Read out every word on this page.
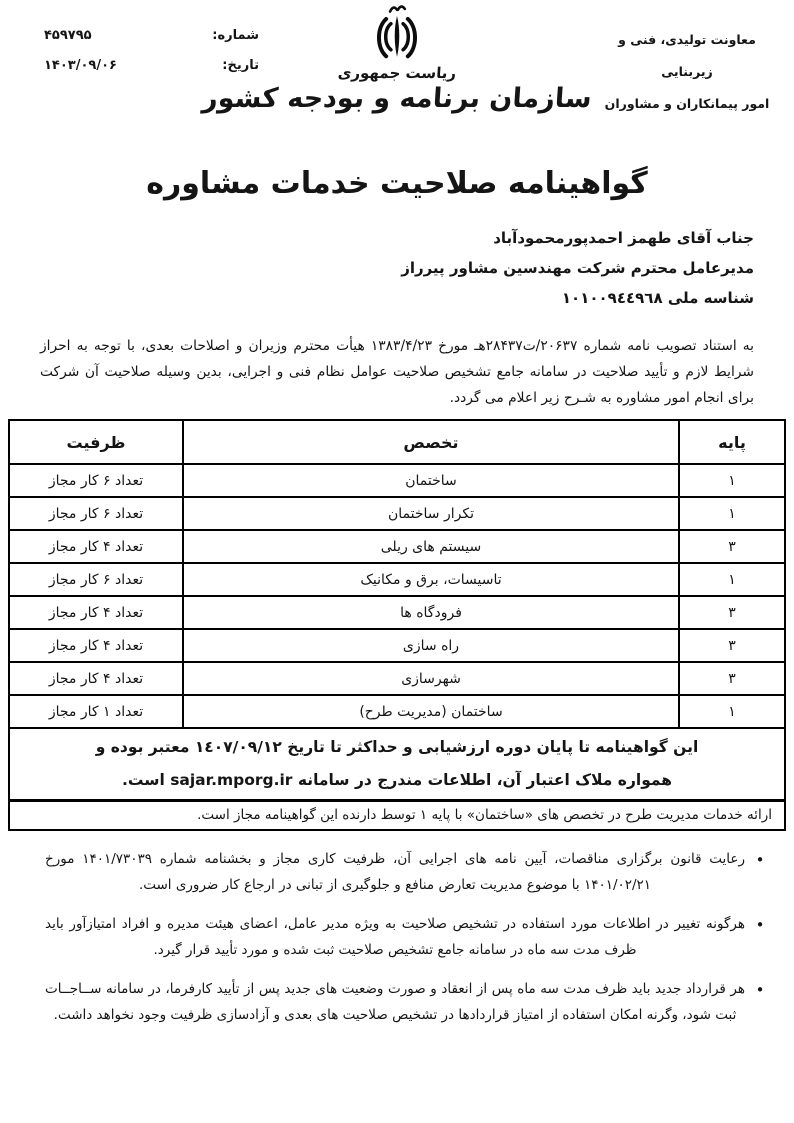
معاونت تولیدی، فنی و زیربنایی
امور پیمانکاران و مشاوران
ریاست جمهوری
سازمان برنامه و بودجه کشور
شماره:
۴۵۹۷۹۵
تاریخ:
۱۴۰۳/۰۹/۰۶
گواهینامه صلاحیت خدمات مشاوره
جناب آقای طهمز احمدپورمحمودآباد
مدیرعامل محترم شرکت مهندسین مشاور پیرراز
شناسه ملی ١٠١٠٠٩٤٤٩٦٨

به استناد تصویب نامه شماره ۲۰۶۳۷/ت۲۸۴۳۷هـ مورخ ۱۳۸۳/۴/۲۳ هیأت محترم وزیران و اصلاحات بعدی، با توجه به احراز شرایط لازم و تأیید صلاحیت در سامانه جامع تشخیص صلاحیت عوامل نظام فنی و اجرایی، بدین وسیله صلاحیت آن شرکت برای انجام امور مشاوره به شـرح زیر اعلام می گردد.

پایه	تخصص	ظرفیت
۱	ساختمان	تعداد ۶ کار مجاز
۱	تکرار ساختمان	تعداد ۶ کار مجاز
۳	سیستم های ریلی	تعداد ۴ کار مجاز
۱	تاسیسات، برق و مکانیک	تعداد ۶ کار مجاز
۳	فرودگاه ها	تعداد ۴ کار مجاز
۳	راه سازی	تعداد ۴ کار مجاز
۳	شهرسازی	تعداد ۴ کار مجاز
۱	ساختمان (مدیریت طرح)	تعداد ۱ کار مجاز

این گواهینامه تا پایان دوره ارزشیابی و حداکثر تا تاریخ ١٤٠٧/٠٩/١٢ معتبر بوده و
همواره ملاک اعتبار آن، اطلاعات مندرج در سامانه sajar.mporg.ir است.		

ارائه خدمات مدیریت طرح در تخصص های «ساختمان» با پایه ۱ توسط دارنده این گواهینامه مجاز است.		
•
رعایت قانون برگزاری مناقصات، آیین نامه های اجرایی آن، ظرفیت کاری مجاز و بخشنامه شماره ۱۴۰۱/۷۳۰۳۹ مورخ ۱۴۰۱/۰۲/۲۱ با موضوع مدیریت تعارض منافع و جلوگیری از تبانی در ارجاع کار ضروری است.
•
هرگونه تغییر در اطلاعات مورد استفاده در تشخیص صلاحیت به ویژه مدیر عامل، اعضای هیئت مدیره و افراد امتیازآور باید ظرف مدت سه ماه در سامانه جامع تشخیص صلاحیت ثبت شده و مورد تأیید قرار گیرد.
•
هر قرارداد جدید باید ظرف مدت سه ماه پس از انعقاد و صورت وضعیت های جدید پس از تأیید کارفرما، در سامانه ســاجــات ثبت شود، وگرنه امکان استفاده از امتیاز قراردادها در تشخیص صلاحیت های بعدی و آزادسازی ظرفیت وجود نخواهد داشت.
